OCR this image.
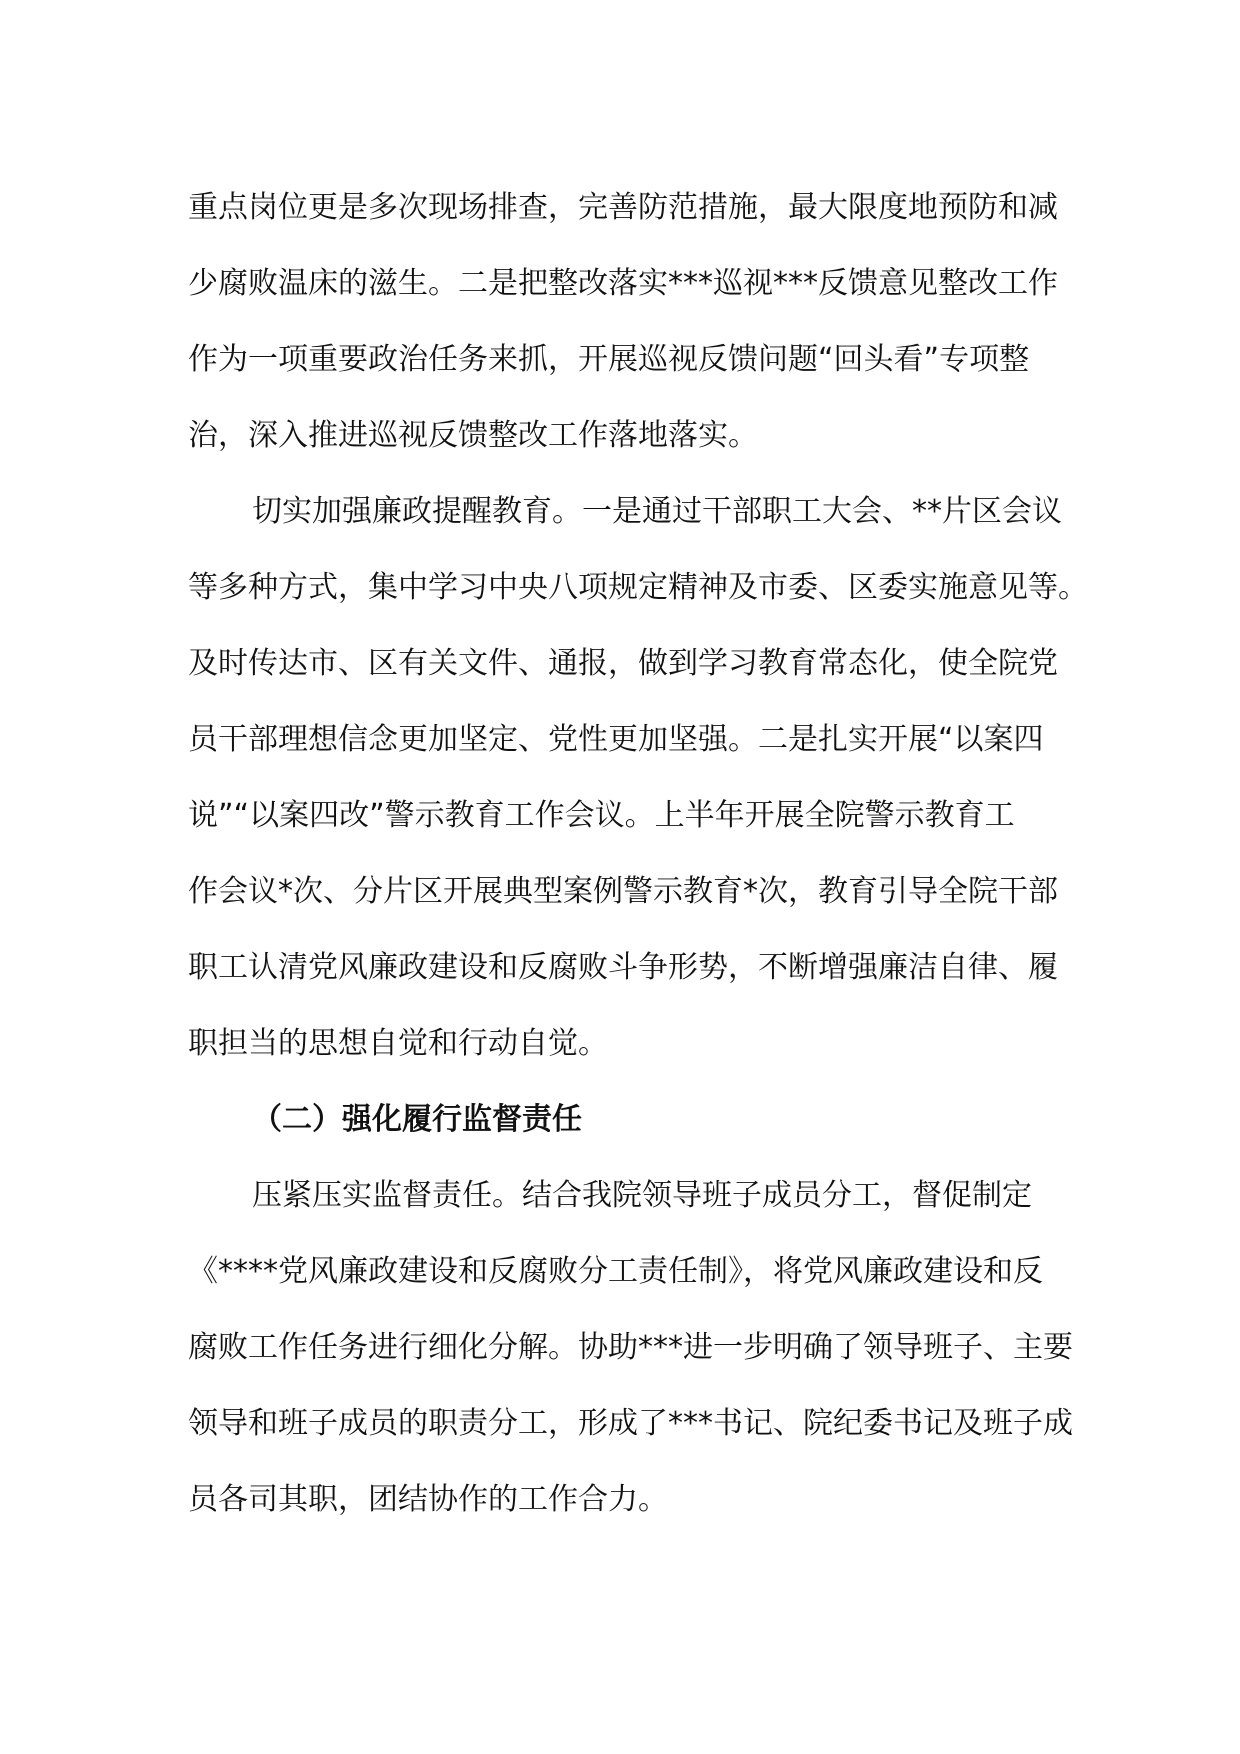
重点岗位更是多次现场排查，完善防范措施，最大限度地预防和减
少腐败温床的滋生。二是把整改落实***巡视***反馈意见整改工作
作为一项重要政治任务来抓，开展巡视反馈问题“回头看”专项整
治，深入推进巡视反馈整改工作落地落实。
切实加强廉政提醒教育。一是通过干部职工大会、**片区会议
等多种方式，集中学习中央八项规定精神及市委、区委实施意见等。
及时传达市、区有关文件、通报，做到学习教育常态化，使全院党
员干部理想信念更加坚定、党性更加坚强。二是扎实开展“以案四
说”“以案四改”警示教育工作会议。上半年开展全院警示教育工
作会议*次、分片区开展典型案例警示教育*次，教育引导全院干部
职工认清党风廉政建设和反腐败斗争形势，不断增强廉洁自律、履
职担当的思想自觉和行动自觉。
（二）强化履行监督责任
压紧压实监督责任。结合我院领导班子成员分工，督促制定
《****党风廉政建设和反腐败分工责任制》，将党风廉政建设和反
腐败工作任务进行细化分解。协助***进一步明确了领导班子、主要
领导和班子成员的职责分工，形成了***书记、院纪委书记及班子成
员各司其职，团结协作的工作合力。
